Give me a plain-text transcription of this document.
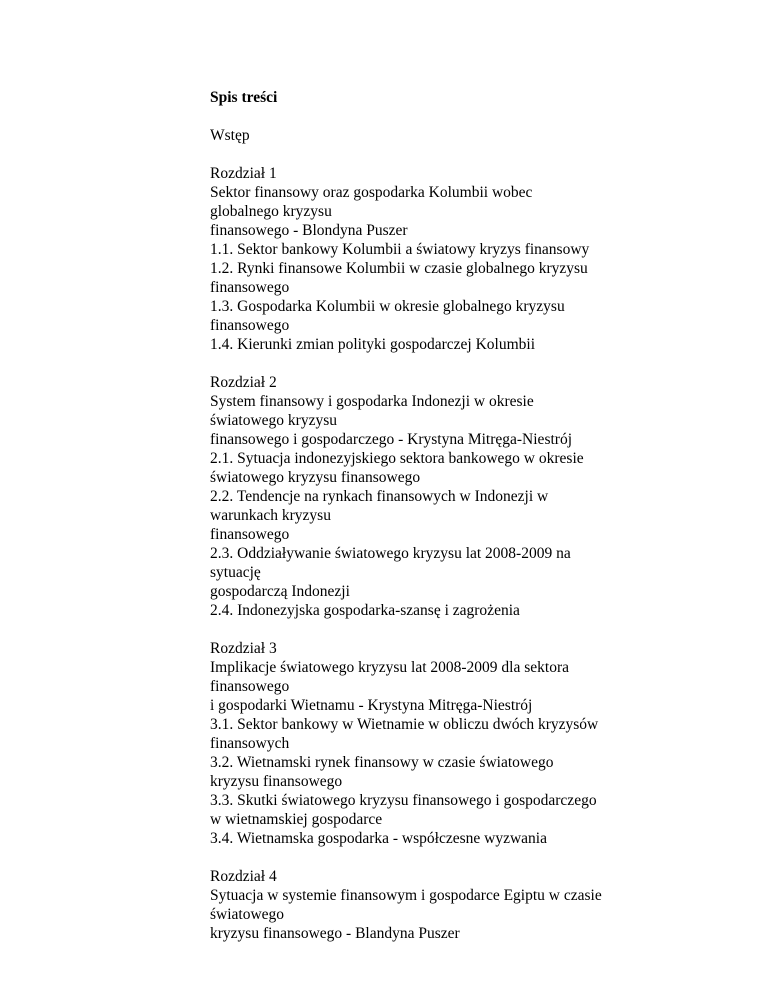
Spis treści
Wstęp
Rozdział 1
Sektor finansowy oraz gospodarka Kolumbii wobec
globalnego kryzysu
finansowego - Blondyna Puszer
1.1. Sektor bankowy Kolumbii a światowy kryzys finansowy
1.2. Rynki finansowe Kolumbii w czasie globalnego kryzysu
finansowego
1.3. Gospodarka Kolumbii w okresie globalnego kryzysu
finansowego
1.4. Kierunki zmian polityki gospodarczej Kolumbii
Rozdział 2
System finansowy i gospodarka Indonezji w okresie
światowego kryzysu
finansowego i gospodarczego - Krystyna Mitręga-Niestrój
2.1. Sytuacja indonezyjskiego sektora bankowego w okresie
światowego kryzysu finansowego
2.2. Tendencje na rynkach finansowych w Indonezji w
warunkach kryzysu
finansowego
2.3. Oddziaływanie światowego kryzysu lat 2008-2009 na
sytuację
gospodarczą Indonezji
2.4. Indonezyjska gospodarka-szansę i zagrożenia
Rozdział 3
Implikacje światowego kryzysu lat 2008-2009 dla sektora
finansowego
i gospodarki Wietnamu - Krystyna Mitręga-Niestrój
3.1. Sektor bankowy w Wietnamie w obliczu dwóch kryzysów
finansowych
3.2. Wietnamski rynek finansowy w czasie światowego
kryzysu finansowego
3.3. Skutki światowego kryzysu finansowego i gospodarczego
w wietnamskiej gospodarce
3.4. Wietnamska gospodarka - współczesne wyzwania
Rozdział 4
Sytuacja w systemie finansowym i gospodarce Egiptu w czasie
światowego
kryzysu finansowego - Blandyna Puszer
